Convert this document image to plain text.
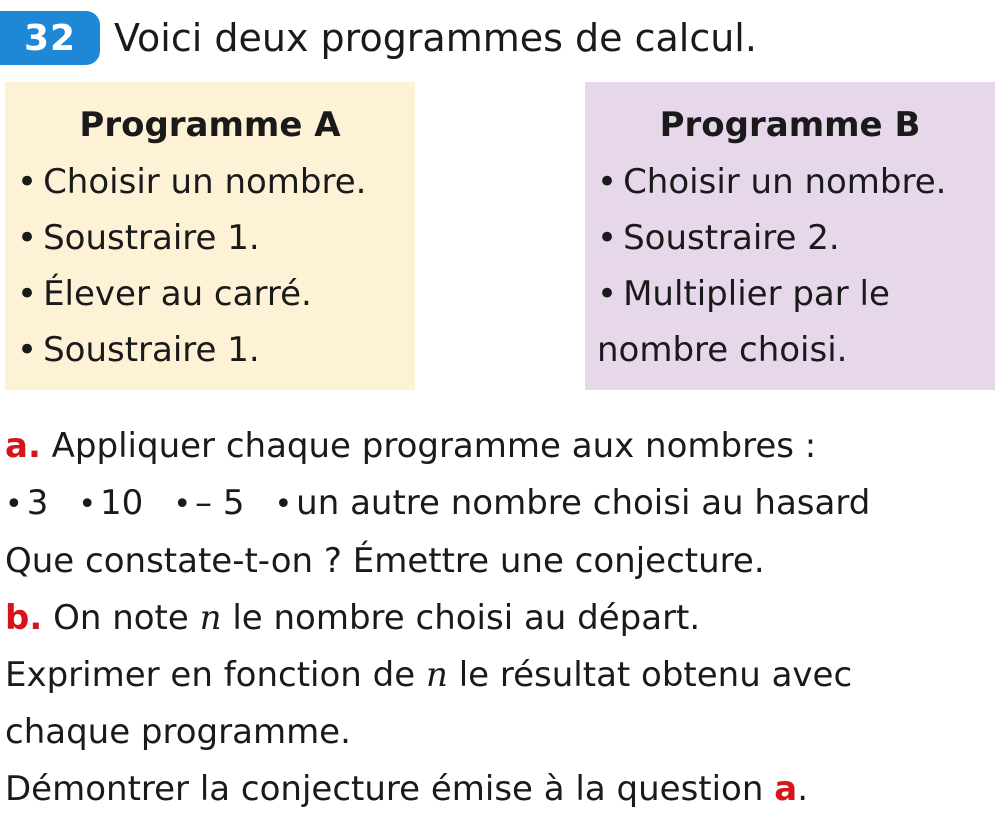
32 Voici deux programmes de calcul.
Programme A
• Choisir un nombre.
• Soustraire 1.
• Élever au carré.
• Soustraire 1.
Programme B
• Choisir un nombre.
• Soustraire 2.
• Multiplier par le nombre choisi.
a. Appliquer chaque programme aux nombres :
• 3 • 10 • – 5 • un autre nombre choisi au hasard
Que constate-t-on ? Émettre une conjecture.
b. On note n le nombre choisi au départ.
Exprimer en fonction de n le résultat obtenu avec
chaque programme.
Démontrer la conjecture émise à la question a.
